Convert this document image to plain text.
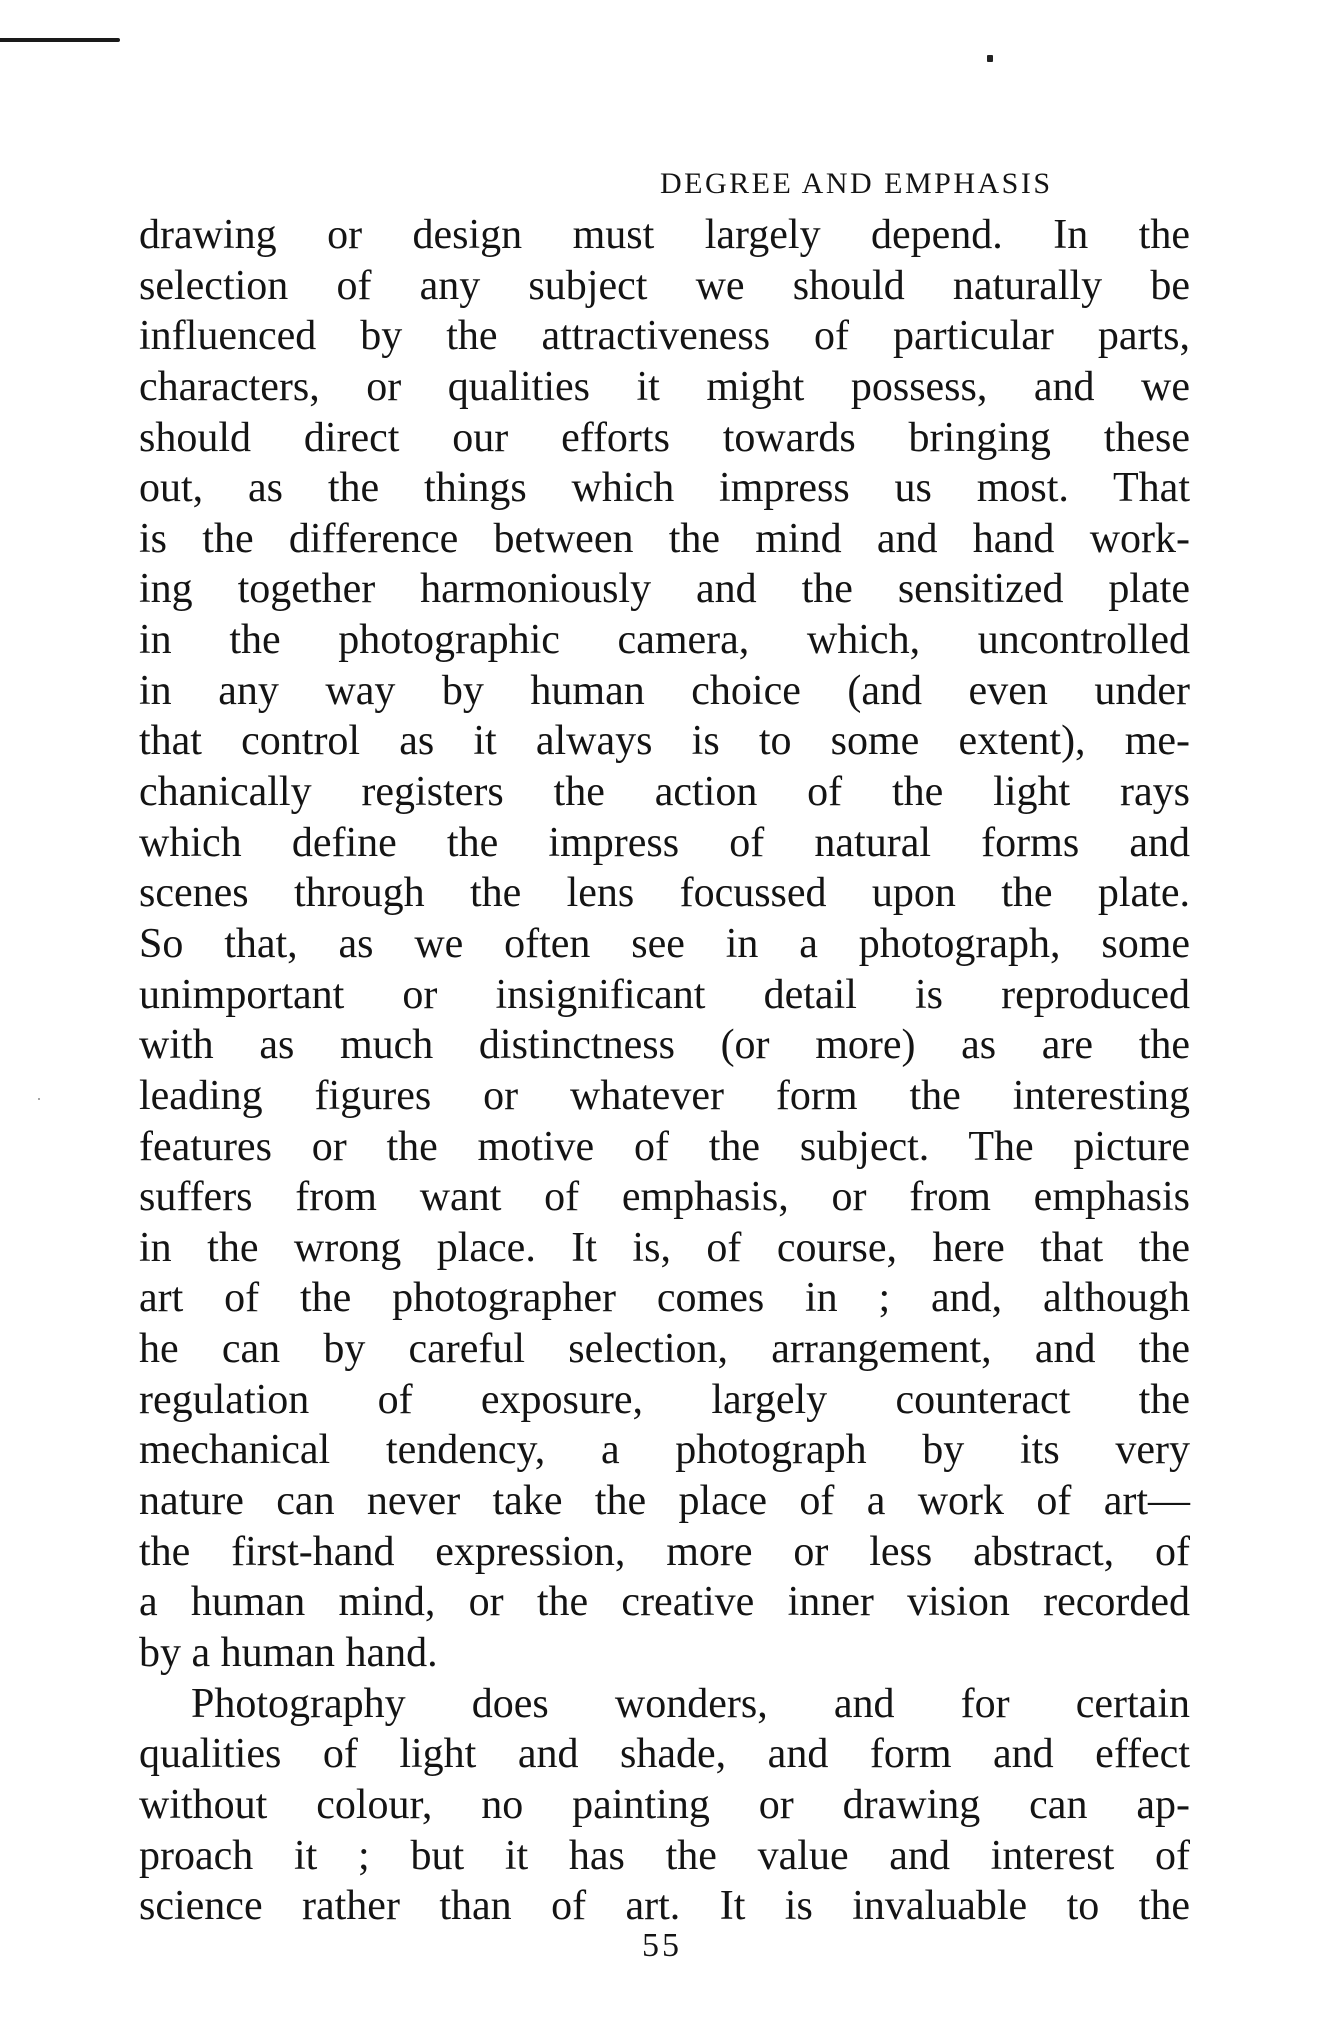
DEGREE AND EMPHASIS
drawing or design must largely depend. In the
selection of any subject we should naturally be
influenced by the attractiveness of particular parts,
characters, or qualities it might possess, and we
should direct our efforts towards bringing these
out, as the things which impress us most. That
is the difference between the mind and hand work-
ing together harmoniously and the sensitized plate
in the photographic camera, which, uncontrolled
in any way by human choice (and even under
that control as it always is to some extent), me-
chanically registers the action of the light rays
which define the impress of natural forms and
scenes through the lens focussed upon the plate.
So that, as we often see in a photograph, some
unimportant or insignificant detail is reproduced
with as much distinctness (or more) as are the
leading figures or whatever form the interesting
features or the motive of the subject. The picture
suffers from want of emphasis, or from emphasis
in the wrong place. It is, of course, here that the
art of the photographer comes in ; and, although
he can by careful selection, arrangement, and the
regulation of exposure, largely counteract the
mechanical tendency, a photograph by its very
nature can never take the place of a work of art—
the first-hand expression, more or less abstract, of
a human mind, or the creative inner vision recorded
by a human hand.
Photography does wonders, and for certain
qualities of light and shade, and form and effect
without colour, no painting or drawing can ap-
proach it ; but it has the value and interest of
science rather than of art. It is invaluable to the
55
